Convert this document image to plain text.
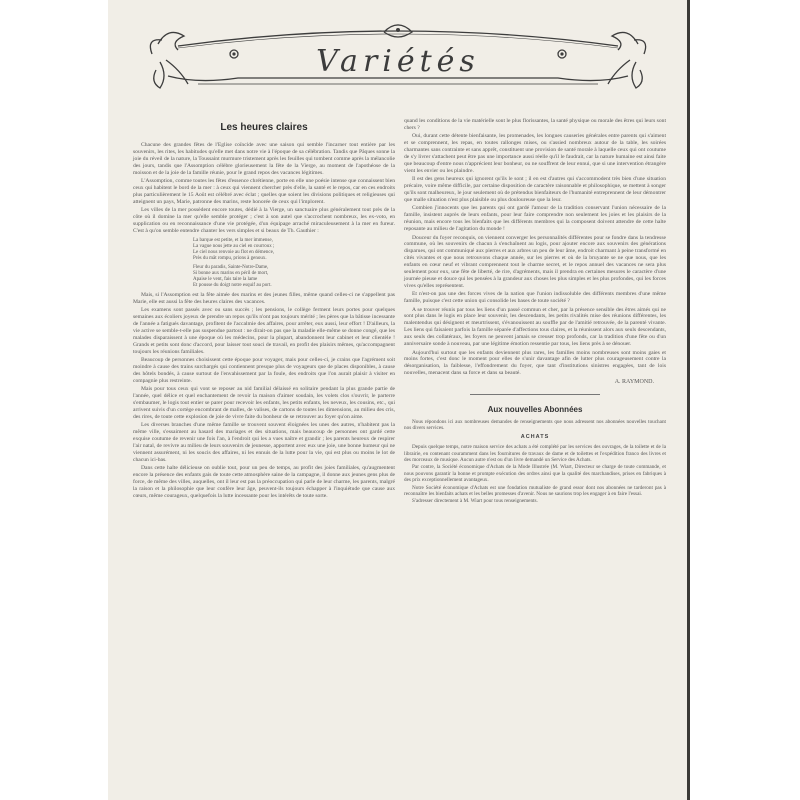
Variétés
Les heures claires

Chacune des grandes fêtes de l'Eglise coïncide avec une saison qui semble l'incarner tout entière par les souvenirs, les rites, les habitudes qu'elle met dans notre vie à l'époque de sa célébration. Tandis que Pâques sonne la joie du réveil de la nature, la Toussaint murmure tristement après les feuilles qui tombent comme après la mélancolie des jours, tandis que l'Assomption célèbre glorieusement la fête de la Vierge, au moment de l'apothéose de la moisson et de la joie de la famille réunie, pour le grand repos des vacances légitimes.

L'Assomption, comme toutes les fêtes d'essence chrétienne, porte en elle une poésie intense que connaissent bien ceux qui habitent le bord de la mer : à ceux qui viennent chercher près d'elle, la santé et le repos, car en ces endroits plus particulièrement le 15 Août est célébré avec éclat ; quelles que soient les divisions politiques et religieuses qui atteignent un pays, Marie, patronne des marins, reste honorée de ceux qui l'implorent.

Les villes de la mer possèdent encore toutes, dédié à la Vierge, un sanctuaire plus généralement tout près de la côte où il domine la mer qu'elle semble protéger ; c'est à son autel que s'accrochent nombreux, les ex-voto, en supplication ou en reconnaissance d'une vie protégée, d'un équipage arraché miraculeusement à la mer en fureur. C'est à qu'on semble entendre chanter les vers simples et si beaux de Th. Gauthier :

La barque est petite, et la mer immense,
La vague nous jette au ciel en courroux ;
Le ciel nous renvoie au flot en démence,
Près du mât rompu, prions à genoux.
Fleur du paradis, Sainte-Notre-Dame,
Si bonne aux marins en péril de mort,
Apaise le vent, fais taire la lame
Et pousse du doigt notre esquif au port.

Mais, si l'Assomption est la fête aimée des marins et des jeunes filles, même quand celles-ci ne s'appellent pas Marie, elle est aussi la fête des heures claires des vacances.

Les examens sont passés avec ou sans succès ; les pensions, le collège ferment leurs portes pour quelques semaines aux écoliers joyeux de prendre un repos qu'ils n'ont pas toujours mérité ; les pères que la bâtisse incessante de l'année a fatigués davantage, profitent de l'accalmie des affaires, pour arrêter, eux aussi, leur effort ! D'ailleurs, la vie active se semble-t-elle pas suspendue partout : ne dirait-on pas que la maladie elle-même se donne congé, que les malades disparaissent à une époque où les médecins, pour la plupart, abandonnent leur cabinet et leur clientèle ! Grands et petits sont donc d'accord, pour laisser tout souci de travail, en profit des plaisirs mêmes, qu'accompagnent toujours les réunions familiales.

Beaucoup de personnes choisissent cette époque pour voyager, mais pour celles-ci, je crains que l'agrément soit moindre à cause des trains surchargés qui contiennent presque plus de voyageurs que de places disponibles, à cause des hôtels bondés, à cause surtout de l'envahissement par la foule, des endroits que l'on aurait plaisir à visiter en compagnie plus restreinte.

Mais pour tous ceux qui vont se reposer au nid familial délaissé en solitaire pendant la plus grande partie de l'année, quel délice et quel enchantement de revoir la maison d'aimer soudain, les volets clos s'ouvrir, le parterre s'embaumer, le logis tout entier se parer pour recevoir les enfants, les petits enfants, les neveux, les cousins, etc., qui arrivent suivis d'un cortège encombrant de malles, de valises, de cartons de toutes les dimensions, au milieu des cris, des rires, de toute cette explosion de joie de vivre faite du bonheur de se retrouver au foyer qu'on aime.

Les diverses branches d'une même famille se trouvent souvent éloignées les unes des autres, n'habitent pas la même ville, s'essaiment au hasard des mariages et des situations, mais beaucoup de personnes ont gardé cette exquise coutume de revenir une fois l'an, à l'endroit qui les a vues naître et grandir ; les parents heureux de respirer l'air natal, de revivre au milieu de leurs souvenirs de jeunesse, apportent avec eux une joie, une bonne humeur qui ne viennent assurément, ni les soucis des affaires, ni les ennuis de la lutte pour la vie, qui est plus ou moins le lot de chacun ici-bas.

Dans cette halte délicieuse on oublie tout, pour un peu de temps, au profit des joies familiales, qu'augmentent encore la présence des enfants gais de toute cette atmosphère saine de la campagne, il donne aux jeunes gens plus de force, de même des villes, auquelles, ont il leur est pas la préoccupation qui parle de leur charme, les parents, malgré la raison et la philosophie que leur confère leur âge, peuvent-ils toujours échapper à l'inquiétude que cause aux cœurs, même courageux, quelquefois la lutte incessante pour les intérêts de toute sorte.

quand les conditions de la vie matérielle sont le plus florissantes, la santé physique ou morale des êtres qui leurs sont chers ?

Oui, durant cette détente bienfaisante, les promenades, les longues causeries générales entre parents qui s'aiment et se comprennent, les repas, en toutes rallonges mises, ou s'assied nombreux autour de la table, les soirées charmantes sans contrainte et sans apprêt, constituent une provision de santé morale à laquelle ceux qui ont coutume de s'y livrer s'attachent peut être pas une importance aussi réelle qu'il le faudrait, car la nature humaine est ainsi faite que beaucoup d'entre nous n'apprécient leur bonheur, ou ne souffrent de leur ennui, que si une intervention étrangère vient les envier ou les plaindre.

Il est des gens heureux qui ignorent qu'ils le sont ; il en est d'autres qui s'accommodent très bien d'une situation précaire, voire même difficile, par certaine disposition de caractère raisonnable et philosophique, se mettent à songer qu'ils sont malheureux, le jour seulement où de prétendus bienfaiteurs de l'humanité entreprennent de leur démontrer que malle situation n'est plus plaisible ou plus douloureuse que la leur.

Combien j'innocents que les parents qui ont gardé l'amour de la tradition conservant l'union nécessaire de la famille, insistent auprès de leurs enfants, pour leur faire comprendre non seulement les joies et les plaisirs de la réunion, mais encore tous les bienfaits que les différents membres qui la composent doivent attendre de cette halte reposante au milieu de l'agitation du monde !

Douceur du foyer reconquis, on viennent converger les personnalités différentes pour se fondre dans la tendresse commune, où les souvenirs de chacun à s'enchaînent au logis, pour ajouter encore aux souvenirs des générations disparues, qui ont communiqué aux pierres et aux arbres un peu de leur âme, endroit charmant à peine transformé en cités vivantes et que nous retrouvons chaque année, sur les pierres et où de la bruyante se ne que nous, que les enfants en cœur neuf et vibrant comprennent tout le charme secret, et le repos annuel des vacances ne sera plus seulement pour eux, une fête de liberté, de rire, d'agréments, mais il prendra en certaines mesures le caractère d'une journée pieuse et douce qui les pensées à la grandeur aux choses les plus simples et les plus profondes, qui les forces vives qu'elles représentent.

Et n'est-on pas une des forces vives de la nation que l'union indissoluble des différents membres d'une même famille, puisque c'est cette union qui consolide les bases de toute société ?

A se trouver réunis par tous les liens d'un passé commun et cher, par la présence sensible des êtres aimés qui ne sont plus dans le logis en place leur souvenir, les descendants, les petits rivalités mise des réunions différentes, les malentendus qui désignent et meurtrissent, s'évanouissent au souffle par de l'amitié retrouvée, de la parenté vivante. Les liens qui faisaient parfois la famille séparée d'affections tous claires, et la réunissent alors aux seuls descendants, aux seuls des collatéraux, les foyers ne peuvent jamais se creuser trop profonds, car la tradition d'une fête ou d'un anniversaire sonde à nouveau, par une légitime émotion ressentie par tous, les liens près à se dénouer.

Aujourd'hui surtout que les enfants deviennent plus rares, les familles moins nombreuses sont moins gaies et moins fortes, c'est donc le moment pour elles de s'unir davantage afin de lutter plus courageusement contre la désorganisation, la faiblesse, l'effondrement du foyer, que tant d'institutions sinistres engagées, tant de lois nouvelles, menacent dans sa force et dans sa beauté.

A. RAYMOND.
Aux nouvelles Abonnées

Nous répondons ici aux nombreuses demandes de renseignements que nous adressent nos abonnées nouvelles touchant nos divers services.

ACHATS

Depuis quelque temps, notre maison service des achats a été complété par les services des ouvrages, de la toilette et de la librairie, en contenant couramment dans les fournitures de travaux de dame et de toilettes et l'expédition franco des livres et des morceaux de musique. Aucun autre n'est ou d'un livre demandé un Service des Achats.

Par contre, la Société économique d'Achats de la Mode Illustrée (M. Wiart, Directeur se charge de toute commande, et nous pouvons garantir la bonne et prompte exécution des ordres ainsi que la qualité des marchandises, prises en fabriques à des prix exceptionnellement avantageux.

Notre Société économique d'Achats est une fondation mutualiste de grand essor dont nos abonnées ne tarderont pas à reconnaître les bienfaits achats et les belles promesses d'avenir. Nous ne saurions trop les engager à en faire l'essai.

S'adresser directement à M. Wiart pour tous renseignements.
